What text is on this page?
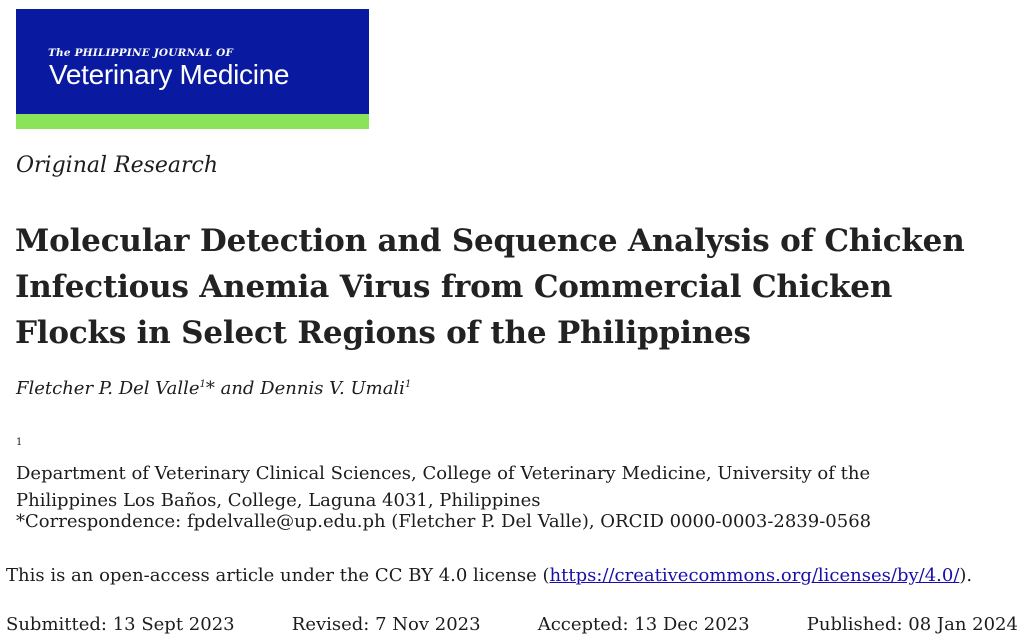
The PHILIPPINE JOURNAL OF
Veterinary Medicine
Original Research
Molecular Detection and Sequence Analysis of Chicken
Infectious Anemia Virus from Commercial Chicken
Flocks in Select Regions of the Philippines
Fletcher P. Del Valle$^1$* and Dennis V. Umali$^1$
$^1$
Department of Veterinary Clinical Sciences, College of Veterinary Medicine, University of the
Philippines Los Baños, College, Laguna 4031, Philippines
*Correspondence: fpdelvalle@up.edu.ph (Fletcher P. Del Valle), ORCID 0000-0003-2839-0568
This is an open-access article under the CC BY 4.0 license (https://creativecommons.org/licenses/by/4.0/).
Submitted: 13 Sept 2023	Revised: 7 Nov 2023	Accepted: 13 Dec 2023	Published: 08 Jan 2024
